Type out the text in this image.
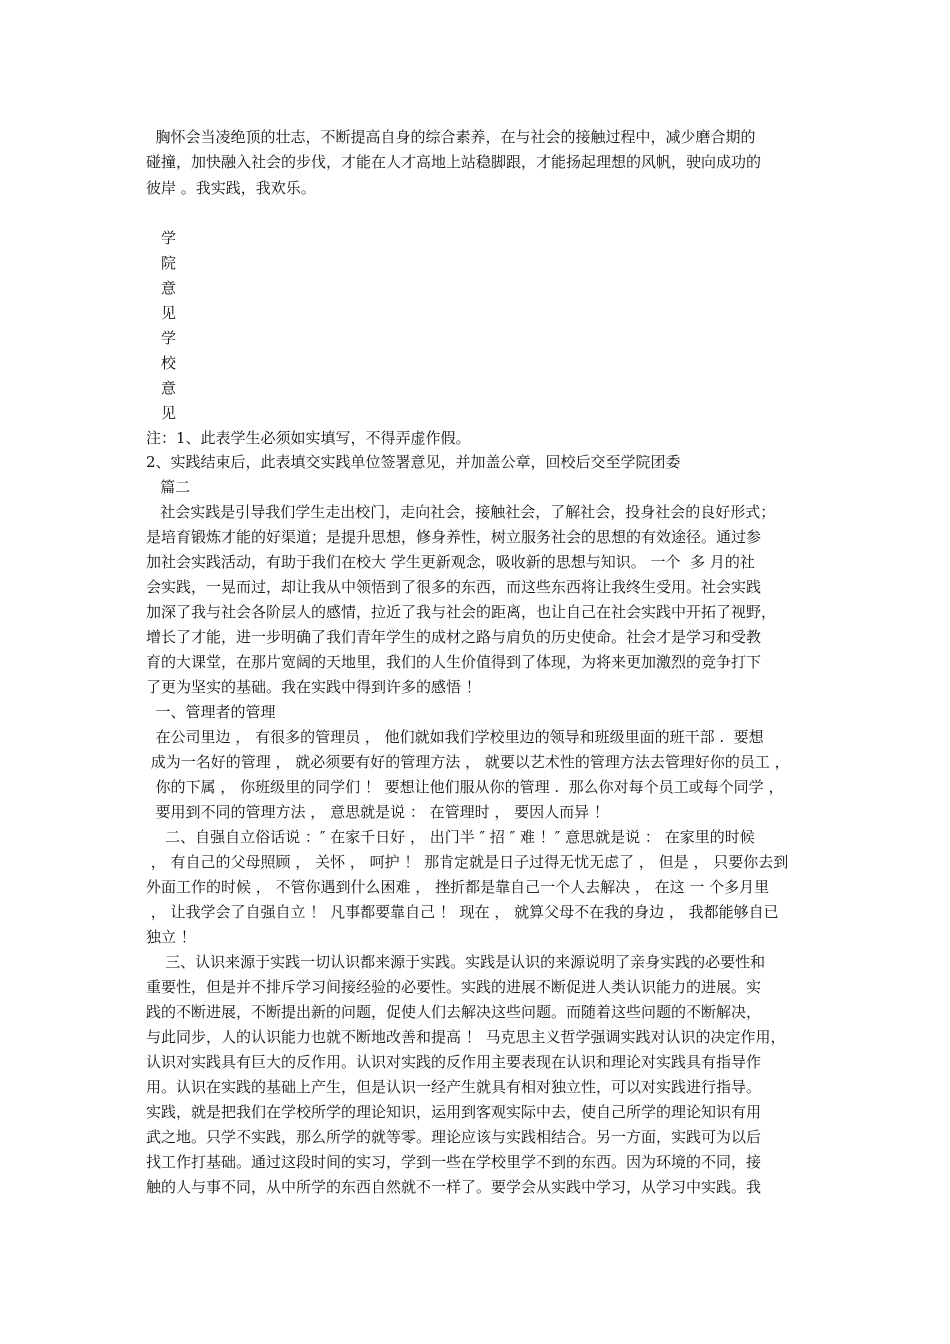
胸怀会当凌绝顶的壮志，不断提高自身的综合素养，在与社会的接触过程中，减少磨合期的
碰撞，加快融入社会的步伐，才能在人才高地上站稳脚跟，才能扬起理想的风帆，驶向成功的
彼岸 。我实践，我欢乐。
学
院
意
见
学
校
意
见
注：1、此表学生必须如实填写，不得弄虚作假。
2、实践结束后，此表填交实践单位签署意见，并加盖公章，回校后交至学院团委
篇二
社会实践是引导我们学生走出校门，走向社会，接触社会，了解社会，投身社会的良好形式；
是培育锻炼才能的好渠道；是提升思想，修身养性，树立服务社会的思想的有效途径。通过参
加社会实践活动，有助于我们在校大 学生更新观念，吸收新的思想与知识。 一个  多 月的社
会实践，一晃而过，却让我从中领悟到了很多的东西，而这些东西将让我终生受用。社会实践
加深了我与社会各阶层人的感情，拉近了我与社会的距离，也让自己在社会实践中开拓了视野，
增长了才能，进一步明确了我们青年学生的成材之路与肩负的历史使命。社会才是学习和受教
育的大课堂，在那片宽阔的天地里，我们的人生价值得到了体现，为将来更加激烈的竞争打下
了更为坚实的基础。我在实践中得到许多的感悟 ！
一、管理者的管理
在公司里边 ， 有很多的管理员 ， 他们就如我们学校里边的领导和班级里面的班干部 .  要想
成为一名好的管理 ， 就必须要有好的管理方法 ， 就要以艺术性的管理方法去管理好你的员工 ，
你的下属 ， 你班级里的同学们 ！ 要想让他们服从你的管理 .  那么你对每个员工或每个同学 ，
要用到不同的管理方法 ， 意思就是说 ： 在管理时 ， 要因人而异 ！
二、自强自立俗话说 ：″ 在家千日好 ， 出门半 ″ 招 ″ 难 ！″ 意思就是说 ： 在家里的时候
， 有自己的父母照顾 ， 关怀 ， 呵护 ！ 那肯定就是日子过得无忧无虑了 ， 但是 ， 只要你去到
外面工作的时候 ， 不管你遇到什么困难 ， 挫折都是靠自己一个人去解决 ， 在这 一 个多月里
， 让我学会了自强自立 ！ 凡事都要靠自己 ！ 现在 ， 就算父母不在我的身边 ， 我都能够自已
独立 ！
三、认识来源于实践一切认识都来源于实践。实践是认识的来源说明了亲身实践的必要性和
重要性，但是并不排斥学习间接经验的必要性。实践的进展不断促进人类认识能力的进展。实
践的不断进展，不断提出新的问题，促使人们去解决这些问题。而随着这些问题的不断解决，
与此同步，人的认识能力也就不断地改善和提高 ！ 马克思主义哲学强调实践对认识的决定作用，
认识对实践具有巨大的反作用。认识对实践的反作用主要表现在认识和理论对实践具有指导作
用。认识在实践的基础上产生，但是认识一经产生就具有相对独立性，可以对实践进行指导。
实践，就是把我们在学校所学的理论知识，运用到客观实际中去，使自己所学的理论知识有用
武之地。只学不实践，那么所学的就等零。理论应该与实践相结合。另一方面，实践可为以后
找工作打基础。通过这段时间的实习，学到一些在学校里学不到的东西。因为环境的不同，接
触的人与事不同，从中所学的东西自然就不一样了。要学会从实践中学习，从学习中实践。我
